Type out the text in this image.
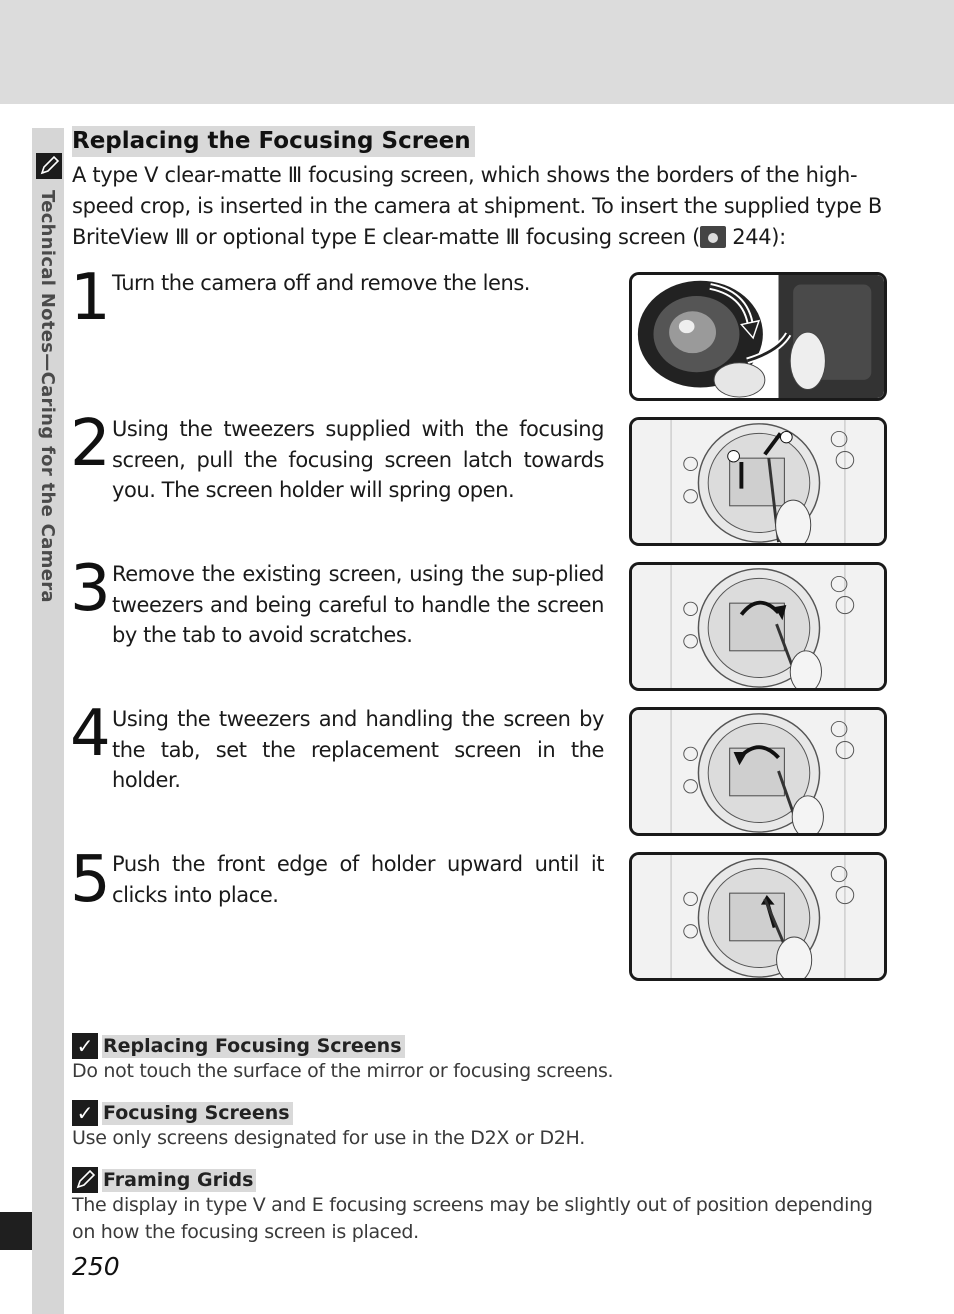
Technical Notes—Caring for the Camera
Replacing the Focusing Screen

A type V clear-matte Ⅲ focusing screen, which shows the borders of the high-speed crop, is inserted in the camera at shipment. To insert the supplied type B BriteView Ⅲ or optional type E clear-matte Ⅲ focusing screen ( 244):

1 Turn the camera off and remove the lens.

2 Using the tweezers supplied with the focusing screen, pull the focusing screen latch towards you. The screen holder will spring open.

3 Remove the existing screen, using the sup-plied tweezers and being careful to handle the screen by the tab to avoid scratches.

4 Using the tweezers and handling the screen by the tab, set the replacement screen in the holder.

5 Push the front edge of holder upward until it clicks into place.

✓ Replacing Focusing Screens

Do not touch the surface of the mirror or focusing screens.

✓ Focusing Screens

Use only screens designated for use in the D2X or D2H.

Framing Grids

The display in type V and E focusing screens may be slightly out of position depending on how the focusing screen is placed.

250
